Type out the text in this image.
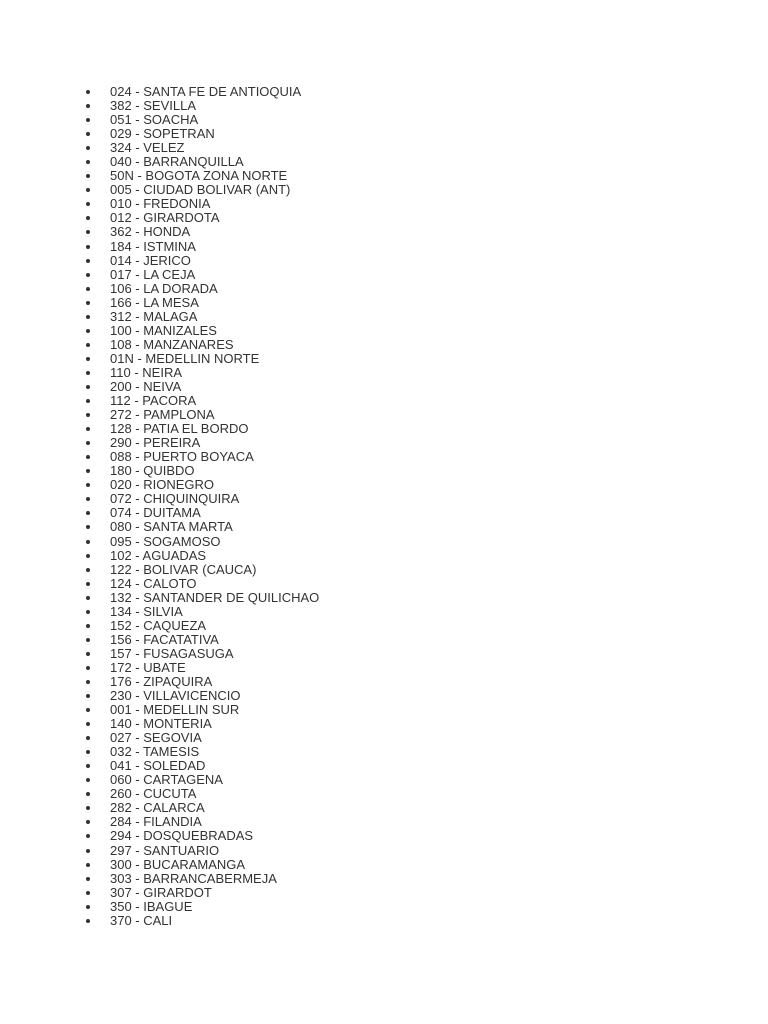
024 - SANTA FE DE ANTIOQUIA
382 - SEVILLA
051 - SOACHA
029 - SOPETRAN
324 - VELEZ
040 - BARRANQUILLA
50N - BOGOTA ZONA NORTE
005 - CIUDAD BOLIVAR (ANT)
010 - FREDONIA
012 - GIRARDOTA
362 - HONDA
184 - ISTMINA
014 - JERICO
017 - LA CEJA
106 - LA DORADA
166 - LA MESA
312 - MALAGA
100 - MANIZALES
108 - MANZANARES
01N - MEDELLIN NORTE
110 - NEIRA
200 - NEIVA
112 - PACORA
272 - PAMPLONA
128 - PATIA EL BORDO
290 - PEREIRA
088 - PUERTO BOYACA
180 - QUIBDO
020 - RIONEGRO
072 - CHIQUINQUIRA
074 - DUITAMA
080 - SANTA MARTA
095 - SOGAMOSO
102 - AGUADAS
122 - BOLIVAR (CAUCA)
124 - CALOTO
132 - SANTANDER DE QUILICHAO
134 - SILVIA
152 - CAQUEZA
156 - FACATATIVA
157 - FUSAGASUGA
172 - UBATE
176 - ZIPAQUIRA
230 - VILLAVICENCIO
001 - MEDELLIN SUR
140 - MONTERIA
027 - SEGOVIA
032 - TAMESIS
041 - SOLEDAD
060 - CARTAGENA
260 - CUCUTA
282 - CALARCA
284 - FILANDIA
294 - DOSQUEBRADAS
297 - SANTUARIO
300 - BUCARAMANGA
303 - BARRANCABERMEJA
307 - GIRARDOT
350 - IBAGUE
370 - CALI
